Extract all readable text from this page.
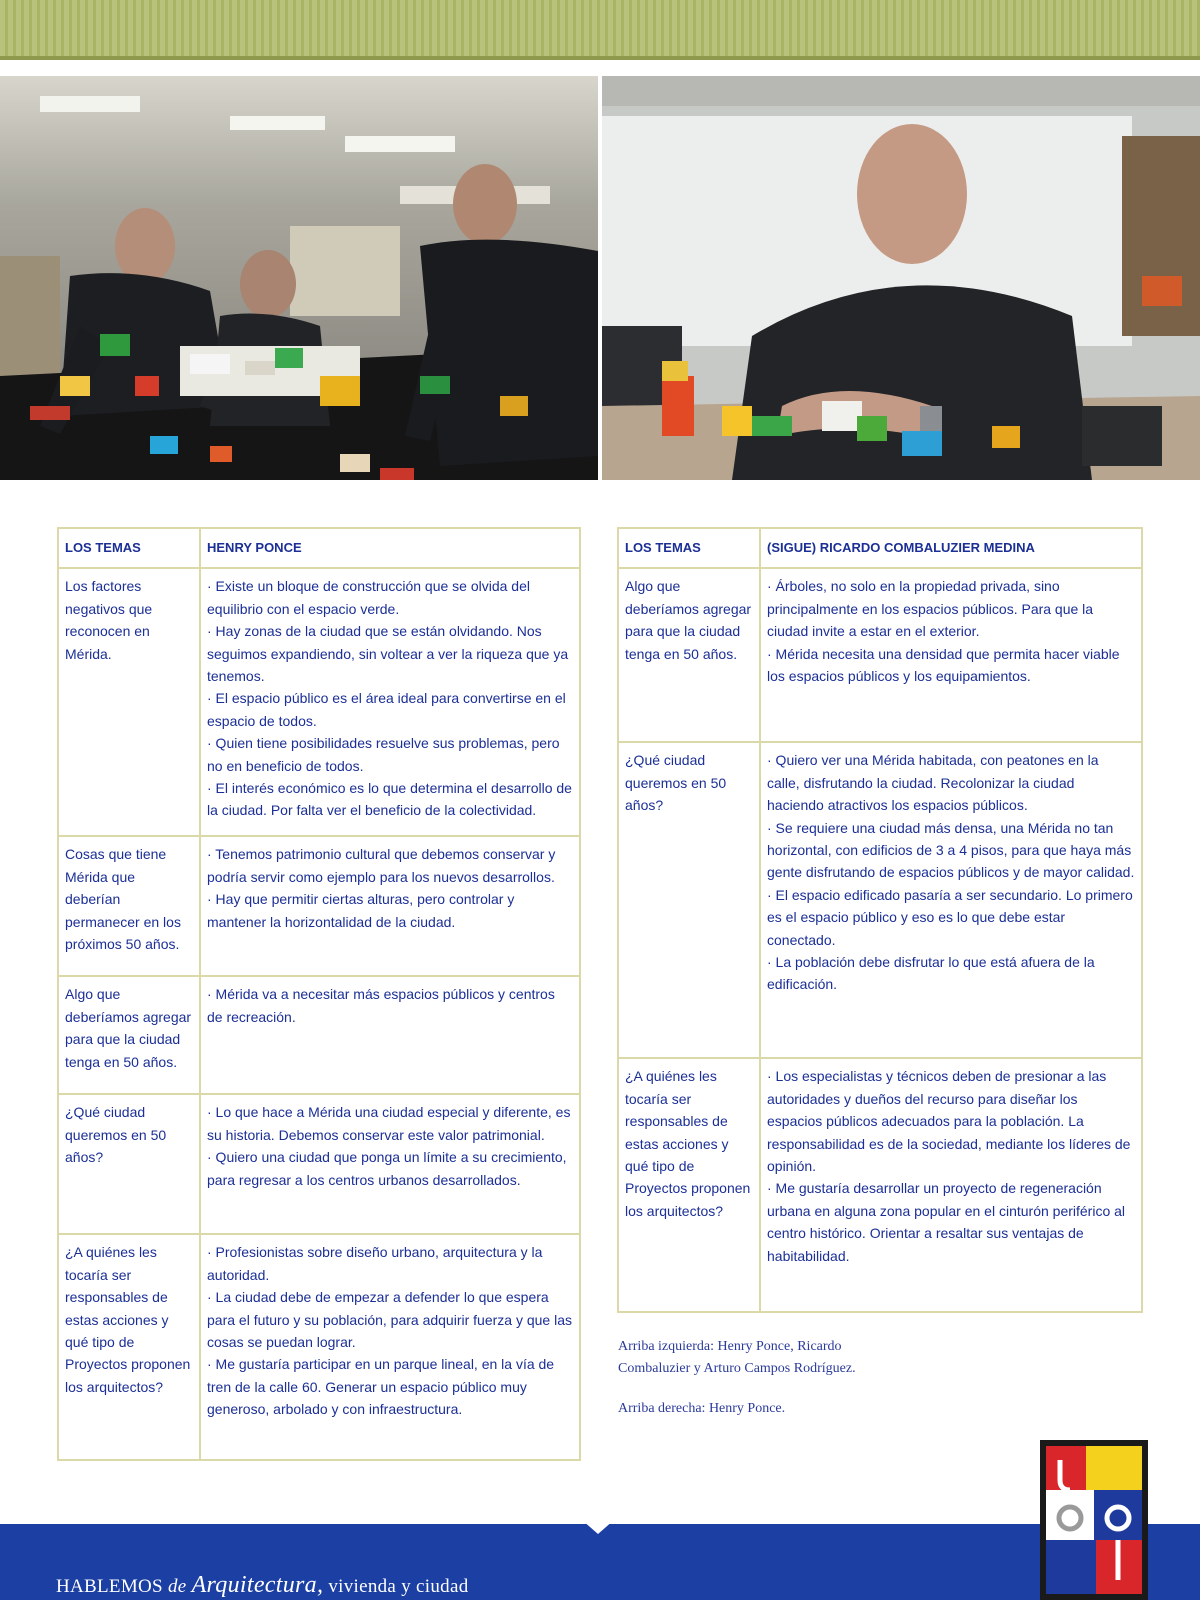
LOS TEMAS	HENRY PONCE
Los factores negativos que reconocen en Mérida.	· Existe un bloque de construcción que se olvida del equilibrio con el espacio verde.
· Hay zonas de la ciudad que se están olvidando. Nos seguimos expandiendo, sin voltear a ver la riqueza que ya tenemos.
· El espacio público es el área ideal para convertirse en el espacio de todos.
· Quien tiene posibilidades resuelve sus problemas, pero no en beneficio de todos.
· El interés económico es lo que determina el desarrollo de la ciudad. Por falta ver el beneficio de la colectividad.

Cosas que tiene Mérida que deberían permanecer en los próximos 50 años.	· Tenemos patrimonio cultural que debemos conservar y podría servir como ejemplo para los nuevos desarrollos.
· Hay que permitir ciertas alturas, pero controlar y mantener la horizontalidad de la ciudad.

Algo que deberíamos agregar para que la ciudad tenga en 50 años.	· Mérida va a necesitar más espacios públicos y centros de recreación.

¿Qué ciudad queremos en 50 años?	· Lo que hace a Mérida una ciudad especial y diferente, es su historia. Debemos conservar este valor patrimonial.
· Quiero una ciudad que ponga un límite a su crecimiento, para regresar a los centros urbanos desarrollados.

¿A quiénes les tocaría ser responsables de estas acciones y qué tipo de Proyectos proponen los arquitectos?	· Profesionistas sobre diseño urbano, arquitectura y la autoridad.
· La ciudad debe de empezar a defender lo que espera para el futuro y su población, para adquirir fuerza y que las cosas se puedan lograr.
· Me gustaría participar en un parque lineal, en la vía de tren de la calle 60. Generar un espacio público muy generoso, arbolado y con infraestructura.
LOS TEMAS	(SIGUE) RICARDO COMBALUZIER MEDINA
Algo que deberíamos agregar para que la ciudad tenga en 50 años.	· Árboles, no solo en la propiedad privada, sino principalmente en los espacios públicos. Para que la ciudad invite a estar en el exterior.
· Mérida necesita una densidad que permita hacer viable los espacios públicos y los equipamientos.

¿Qué ciudad queremos en 50 años?	· Quiero ver una Mérida habitada, con peatones en la calle, disfrutando la ciudad. Recolonizar la ciudad haciendo atractivos los espacios públicos.
· Se requiere una ciudad más densa, una Mérida no tan horizontal, con edificios de 3 a 4 pisos, para que haya más gente disfrutando de espacios públicos y de mayor calidad.
· El espacio edificado pasaría a ser secundario. Lo primero es el espacio público y eso es lo que debe estar conectado.
· La población debe disfrutar lo que está afuera de la edificación.

¿A quiénes les tocaría ser responsables de estas acciones y qué tipo de Proyectos proponen los arquitectos?	· Los especialistas y técnicos deben de presionar a las autoridades y dueños del recurso para diseñar los espacios públicos adecuados para la población. La responsabilidad es de la sociedad, mediante los líderes de opinión.
· Me gustaría desarrollar un proyecto de regeneración urbana en alguna zona popular en el cinturón periférico al centro histórico. Orientar a resaltar sus ventajas de habitabilidad.

Arriba izquierda: Henry Ponce, Ricardo Combaluzier y Arturo Campos Rodríguez.

Arriba derecha: Henry Ponce.

HABLEMOS de Arquitectura, vivienda y ciudad
